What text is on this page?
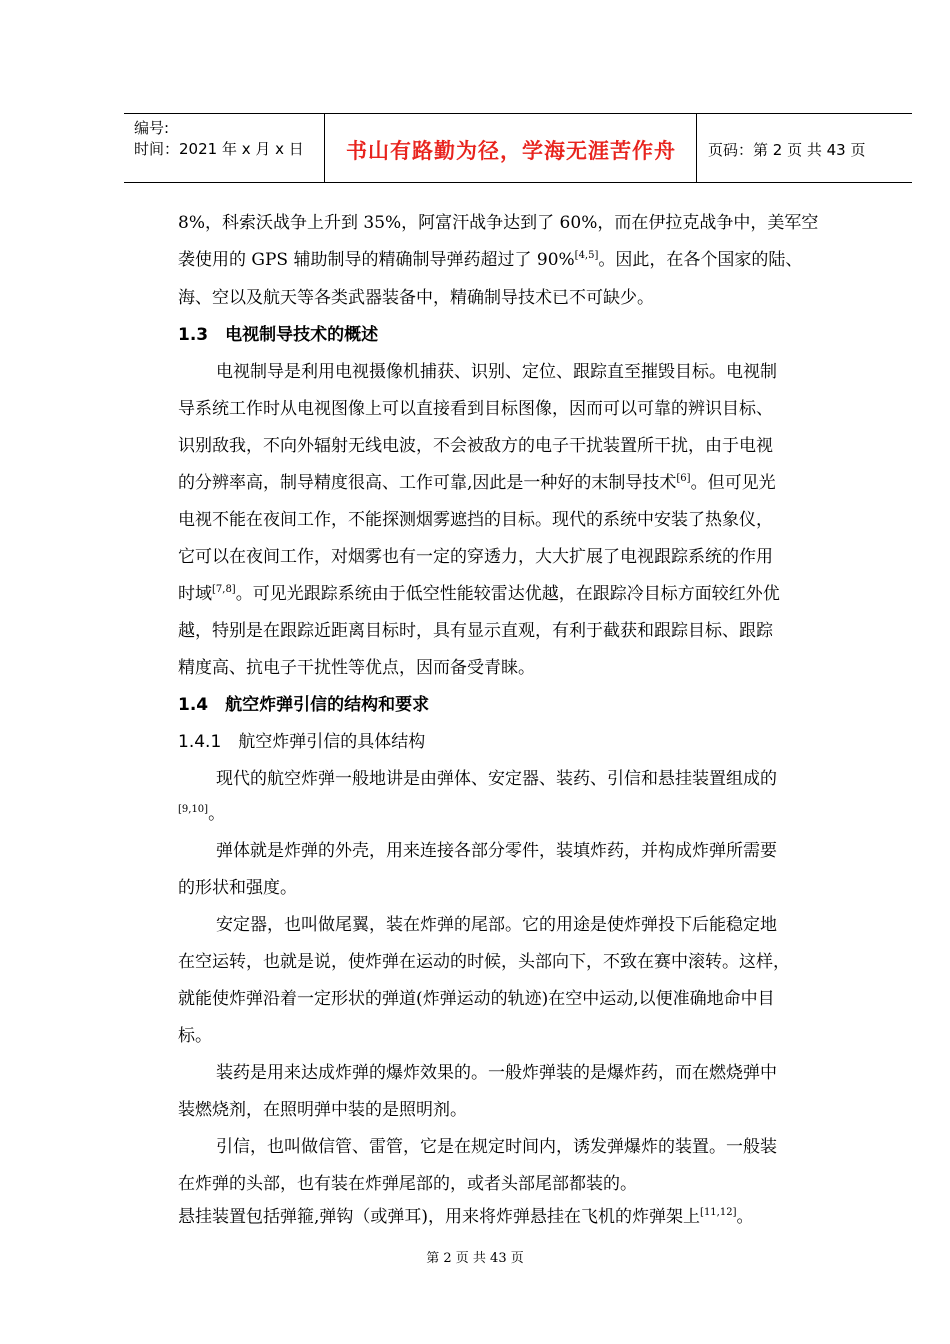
编号:
时间：2021 年 x 月 x 日 书山有路勤为径，学海无涯苦作舟 页码：第 2 页 共 43 页
8%，科索沃战争上升到 35%，阿富汗战争达到了 60%，而在伊拉克战争中，美军空
袭使用的 GPS 辅助制导的精确制导弹药超过了 90%[4,5]。因此，在各个国家的陆、
海、空以及航天等各类武器装备中，精确制导技术已不可缺少。
1.3　电视制导技术的概述
电视制导是利用电视摄像机捕获、识别、定位、跟踪直至摧毁目标。电视制
导系统工作时从电视图像上可以直接看到目标图像，因而可以可靠的辨识目标、
识别敌我，不向外辐射无线电波，不会被敌方的电子干扰装置所干扰，由于电视
的分辨率高，制导精度很高、工作可靠,因此是一种好的末制导技术[6]。但可见光
电视不能在夜间工作，不能探测烟雾遮挡的目标。现代的系统中安装了热象仪，
它可以在夜间工作，对烟雾也有一定的穿透力，大大扩展了电视跟踪系统的作用
时域[7,8]。可见光跟踪系统由于低空性能较雷达优越，在跟踪冷目标方面较红外优
越，特别是在跟踪近距离目标时，具有显示直观，有利于截获和跟踪目标、跟踪
精度高、抗电子干扰性等优点，因而备受青睐。
1.4　航空炸弹引信的结构和要求
1.4.1　航空炸弹引信的具体结构
现代的航空炸弹一般地讲是由弹体、安定器、装药、引信和悬挂装置组成的
[9,10]。
弹体就是炸弹的外壳，用来连接各部分零件，装填炸药，并构成炸弹所需要
的形状和强度。
安定器，也叫做尾翼，装在炸弹的尾部。它的用途是使炸弹投下后能稳定地
在空运转，也就是说，使炸弹在运动的时候，头部向下，不致在赛中滚转。这样，
就能使炸弹沿着一定形状的弹道(炸弹运动的轨迹)在空中运动,以便准确地命中目
标。
装药是用来达成炸弹的爆炸效果的。一般炸弹装的是爆炸药，而在燃烧弹中
装燃烧剂，在照明弹中装的是照明剂。
引信，也叫做信管、雷管，它是在规定时间内，诱发弹爆炸的装置。一般装
在炸弹的头部，也有装在炸弹尾部的，或者头部尾部都装的。
悬挂装置包括弹箍,弹钩（或弹耳)，用来将炸弹悬挂在飞机的炸弹架上[11,12]。
第 2 页 共 43 页
